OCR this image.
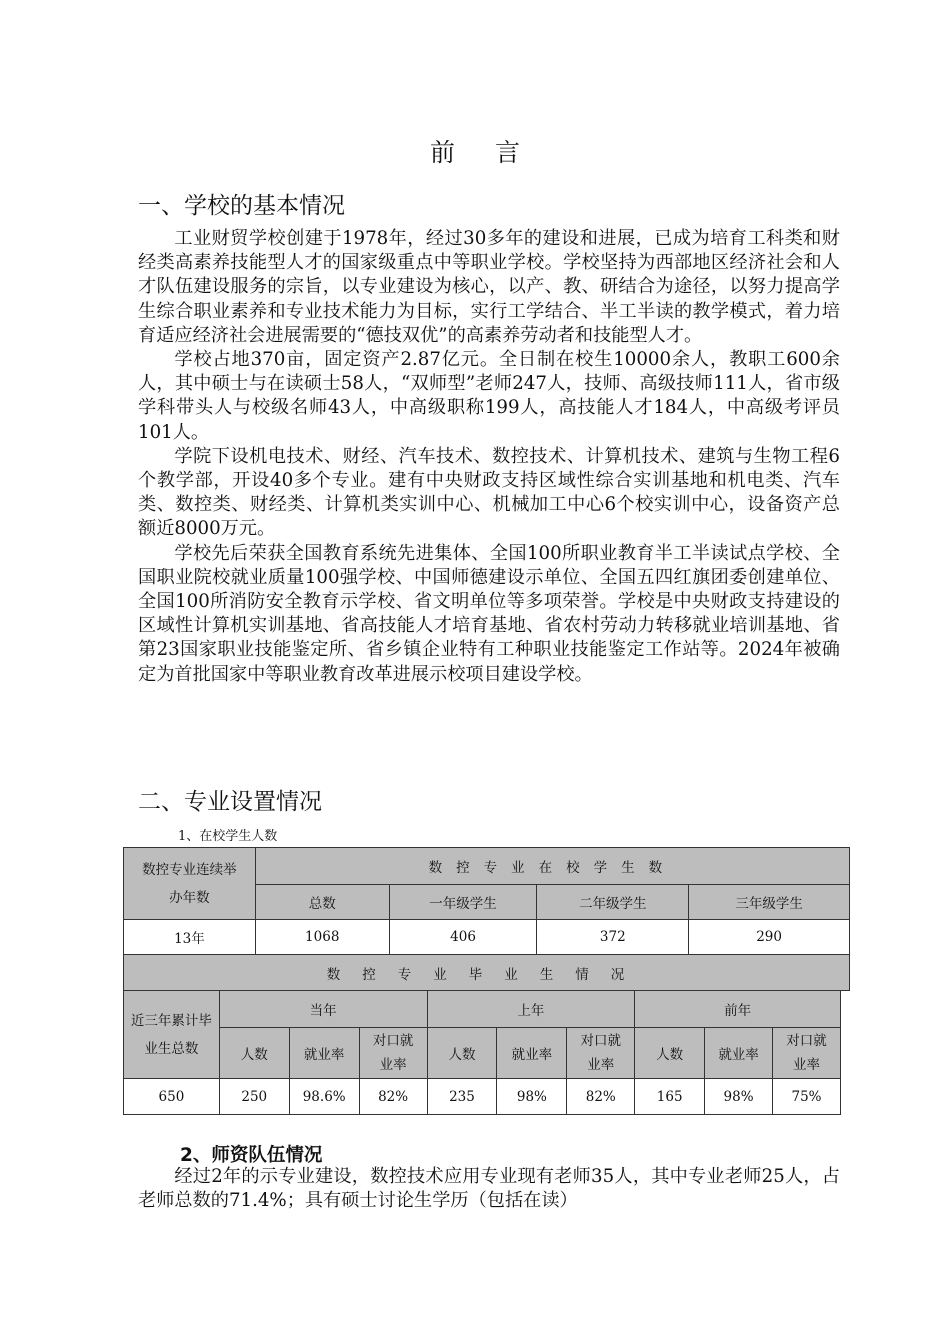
前言
一、学校的基本情况

工业财贸学校创建于1978年，经过30多年的建设和进展，已成为培育工科类和财经类高素养技能型人才的国家级重点中等职业学校。学校坚持为西部地区经济社会和人才队伍建设服务的宗旨，以专业建设为核心，以产、教、研结合为途径，以努力提高学生综合职业素养和专业技术能力为目标，实行工学结合、半工半读的教学模式，着力培育适应经济社会进展需要的“德技双优”的高素养劳动者和技能型人才。

学校占地370亩，固定资产2.87亿元。全日制在校生10000余人，教职工600余人，其中硕士与在读硕士58人，“双师型”老师247人，技师、高级技师111人，省市级学科带头人与校级名师43人，中高级职称199人，高技能人才184人，中高级考评员101人。

学院下设机电技术、财经、汽车技术、数控技术、计算机技术、建筑与生物工程6个教学部，开设40多个专业。建有中央财政支持区域性综合实训基地和机电类、汽车类、数控类、财经类、计算机类实训中心、机械加工中心6个校实训中心，设备资产总额近8000万元。

学校先后荣获全国教育系统先进集体、全国100所职业教育半工半读试点学校、全国职业院校就业质量100强学校、中国师德建设示单位、全国五四红旗团委创建单位、全国100所消防安全教育示学校、省文明单位等多项荣誉。学校是中央财政支持建设的区域性计算机实训基地、省高技能人才培育基地、省农村劳动力转移就业培训基地、省第23国家职业技能鉴定所、省乡镇企业特有工种职业技能鉴定工作站等。2024年被确定为首批国家中等职业教育改革进展示校项目建设学校。

二、专业设置情况
1、在校学生人数
数控专业连续举办年数	数控专业在校学生数			
	总数	一年级学生	二年级学生	三年级学生
13年	1068	406	372	290
数控专业毕业生情况				
近三年累计毕业生总数	当年			上年			前年		
	人数	就业率	对口就业率	人数	就业率	对口就业率	人数	就业率	对口就业率
650	250	98.6%	82%	235	98%	82%	165	98%	75%
2、师资队伍情况

经过2年的示专业建设，数控技术应用专业现有老师35人，其中专业老师25人，占老师总数的71.4%；具有硕士讨论生学历（包括在读）
